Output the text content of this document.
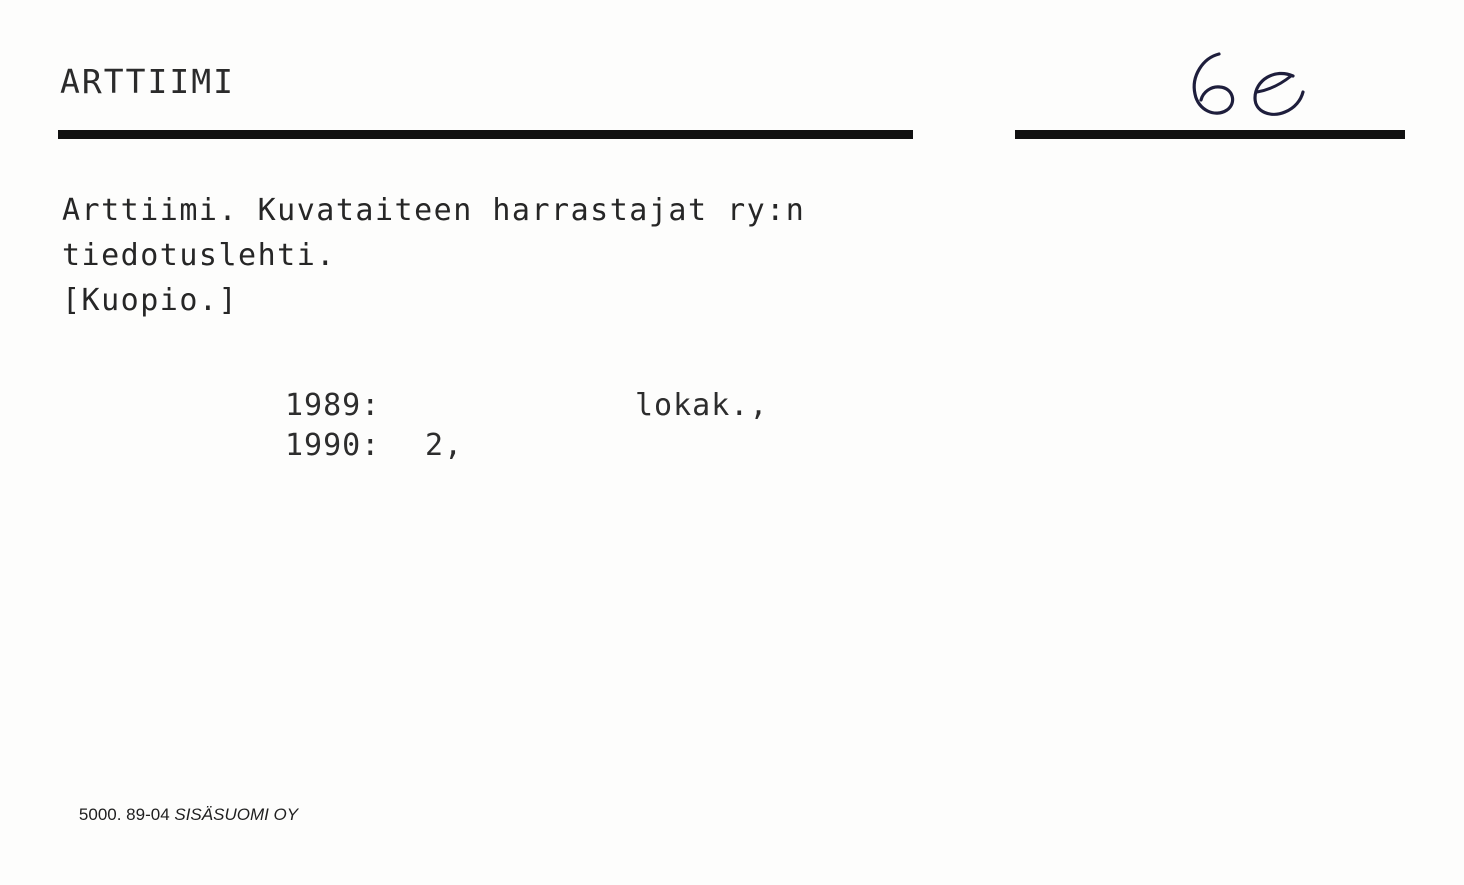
ARTTIIMI
Arttiimi. Kuvataiteen harrastajat ry:n
tiedotuslehti.
[Kuopio.]
1989:	lokak.,
1990:	2,

5000. 89-04 SISÄSUOMI OY
